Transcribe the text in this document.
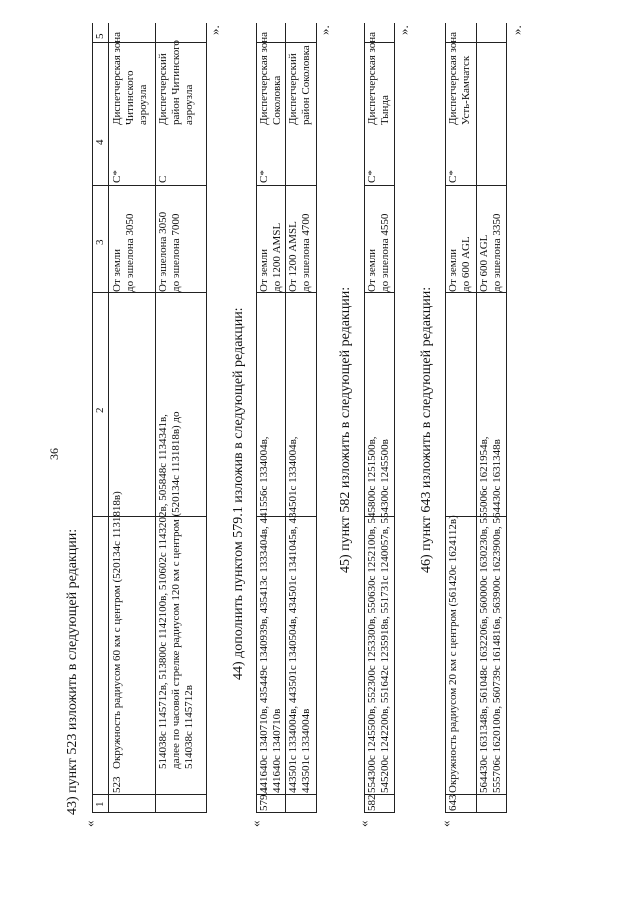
36
43) пункт 523 изложить в следующей редакции:
«
1
2
3
4
5
523
Окружность радиусом 60 км с центром (520134с 1131818в)
От земли до эшелона 3050
C*
Диспетчерская зона Читинского аэроузла
514038с 1145712в, 513800с 1142100в, 510602с 1143202в, 505848с 1134341в, далее по часовой стрелке радиусом 120 км с центром (520134с 1131818в) до 514038с 1145712в
От эшелона 3050 до эшелона 7000
C
Диспетчерский район Читинского аэроузла
».
44) дополнить пунктом 579.1 изложив в следующей редакции:
«
579.1
441640с 1340710в, 435449с 1340939в, 435413с 1333404в, 441556с 1334004в, 441640с 1340710в
От земли до 1200 AMSL
C*
Диспетчерская зона Соколовка
443501с 1334004в, 443501с 1340504в, 434501с 1341045в, 434501с 1334004в, 443501с 1334004в
От 1200 AMSL до эшелона 4700
Диспетчерский район Соколовка
».
45) пункт 582 изложить в следующей редакции:
«
582
554300с 1245500в, 552300с 1253300в, 550630с 1252100в, 545800с 1251500в, 545200с 1242200в, 551642с 1235918в, 551731с 1240057в, 554300с 1245500в
От земли до эшелона 4550
C*
Диспетчерская зона Тында
».
46) пункт 643 изложить в следующей редакции:
«
643
Окружность радиусом 20 км с центром (561420с 1624112в)
От земли до 600 AGL
C*
Диспетчерская зона Усть-Камчатск
564430с 1631348в, 561048с 1632206в, 560000с 1630230в, 555006с 1621954в, 555706с 1620100в, 560739с 1614816в, 563900с 1623900в, 564430с 1631348в
От 600 AGL до эшелона 3350
».
